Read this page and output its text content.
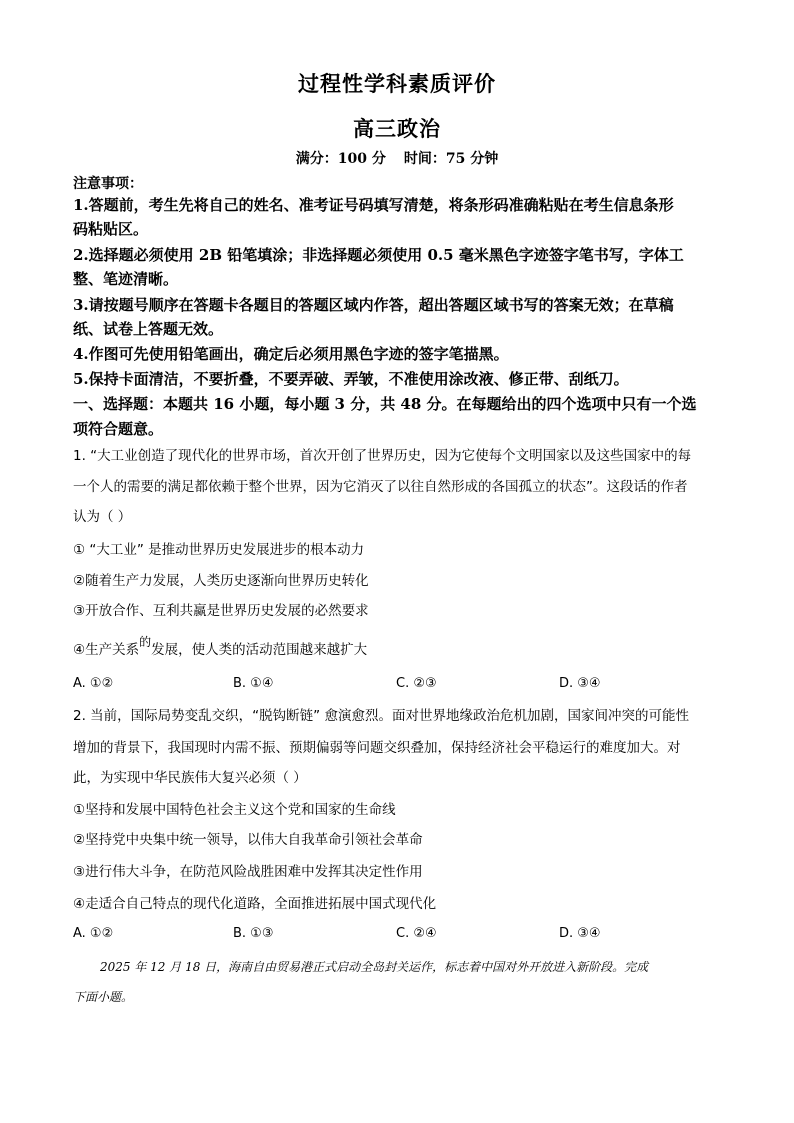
过程性学科素质评价
高三政治
满分：100 分 时间：75 分钟
注意事项：
1.答题前，考生先将自己的姓名、准考证号码填写清楚，将条形码准确粘贴在考生信息条形
码粘贴区。
2.选择题必须使用 2B 铅笔填涂；非选择题必须使用 0.5 毫米黑色字迹签字笔书写，字体工
整、笔迹清晰。
3.请按题号顺序在答题卡各题目的答题区域内作答，超出答题区域书写的答案无效；在草稿
纸、试卷上答题无效。
4.作图可先使用铅笔画出，确定后必须用黑色字迹的签字笔描黑。
5.保持卡面清洁，不要折叠，不要弄破、弄皱，不准使用涂改液、修正带、刮纸刀。
一、选择题：本题共 16 小题，每小题 3 分，共 48 分。在每题给出的四个选项中只有一个选
项符合题意。
1. “大工业创造了现代化的世界市场，首次开创了世界历史，因为它使每个文明国家以及这些国家中的每
一个人的需要的满足都依赖于整个世界，因为它消灭了以往自然形成的各国孤立的状态”。这段话的作者
认为（ ）
① “大工业” 是推动世界历史发展进步的根本动力
②随着生产力发展，人类历史逐渐向世界历史转化
③开放合作、互利共赢是世界历史发展的必然要求
④生产关系的发展，使人类的活动范围越来越扩大
A. ①②	B. ①④	C. ②③	D. ③④
2. 当前，国际局势变乱交织，“脱钩断链” 愈演愈烈。面对世界地缘政治危机加剧，国家间冲突的可能性
增加的背景下，我国现时内需不振、预期偏弱等问题交织叠加，保持经济社会平稳运行的难度加大。对
此，为实现中华民族伟大复兴必须（ ）
①坚持和发展中国特色社会主义这个党和国家的生命线
②坚持党中央集中统一领导，以伟大自我革命引领社会革命
③进行伟大斗争，在防范风险战胜困难中发挥其决定性作用
④走适合自己特点的现代化道路，全面推进拓展中国式现代化
A. ①②	B. ①③	C. ②④	D. ③④
2025 年 12 月 18 日，海南自由贸易港正式启动全岛封关运作，标志着中国对外开放进入新阶段。完成
下面小题。
